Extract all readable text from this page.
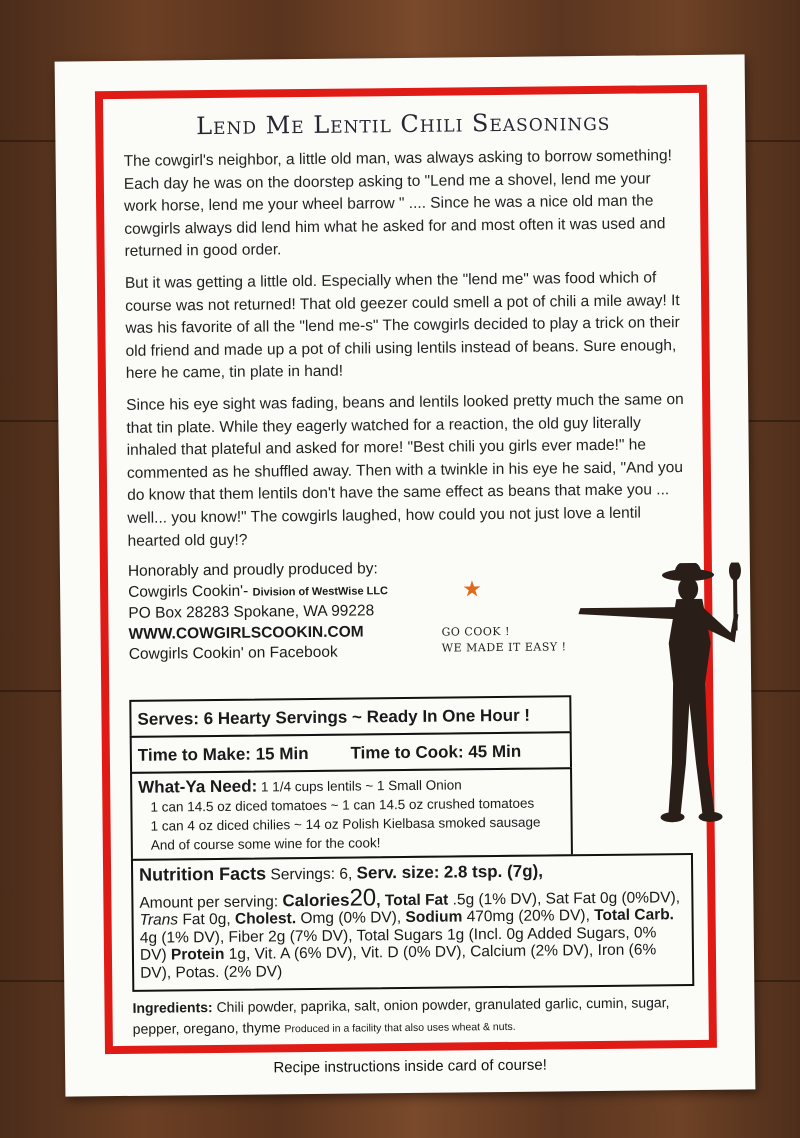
Lend Me Lentil Chili Seasonings

The cowgirl's neighbor, a little old man, was always asking to borrow something! Each day he was on the doorstep asking to "Lend me a shovel, lend me your work horse, lend me your wheel barrow " .... Since he was a nice old man the cowgirls always did lend him what he asked for and most often it was used and returned in good order.

But it was getting a little old. Especially when the "lend me" was food which of course was not returned! That old geezer could smell a pot of chili a mile away! It was his favorite of all the "lend me-s" The cowgirls decided to play a trick on their old friend and made up a pot of chili using lentils instead of beans. Sure enough, here he came, tin plate in hand!

Since his eye sight was fading, beans and lentils looked pretty much the same on that tin plate. While they eagerly watched for a reaction, the old guy literally inhaled that plateful and asked for more! "Best chili you girls ever made!" he commented as he shuffled away. Then with a twinkle in his eye he said, "And you do know that them lentils don't have the same effect as beans that make you ... well... you know!" The cowgirls laughed, how could you not just love a lentil hearted old guy!?

Honorably and proudly produced by:
Cowgirls Cookin'- Division of WestWise LLC
PO Box 28283 Spokane, WA 99228
WWW.COWGIRLSCOOKIN.COM
Cowgirls Cookin' on Facebook
★
GO COOK !
WE MADE IT EASY !
Serves: 6 Hearty Servings ~ Ready In One Hour !
Time to Make: 15 Min Time to Cook: 45 Min
What-Ya Need: 1 1/4 cups lentils ~ 1 Small Onion
1 can 14.5 oz diced tomatoes ~ 1 can 14.5 oz crushed tomatoes
1 can 4 oz diced chilies ~ 14 oz Polish Kielbasa smoked sausage
And of course some wine for the cook!
Nutrition Facts Servings: 6, Serv. size: 2.8 tsp. (7g),
Amount per serving: Calories20, Total Fat .5g (1% DV), Sat Fat 0g (0%DV), Trans Fat 0g, Cholest. Omg (0% DV), Sodium 470mg (20% DV), Total Carb. 4g (1% DV), Fiber 2g (7% DV), Total Sugars 1g (Incl. 0g Added Sugars, 0% DV) Protein 1g, Vit. A (6% DV), Vit. D (0% DV), Calcium (2% DV), Iron (6% DV), Potas. (2% DV)
Ingredients: Chili powder, paprika, salt, onion powder, granulated garlic, cumin, sugar, pepper, oregano, thyme Produced in a facility that also uses wheat & nuts.
Recipe instructions inside card of course!
